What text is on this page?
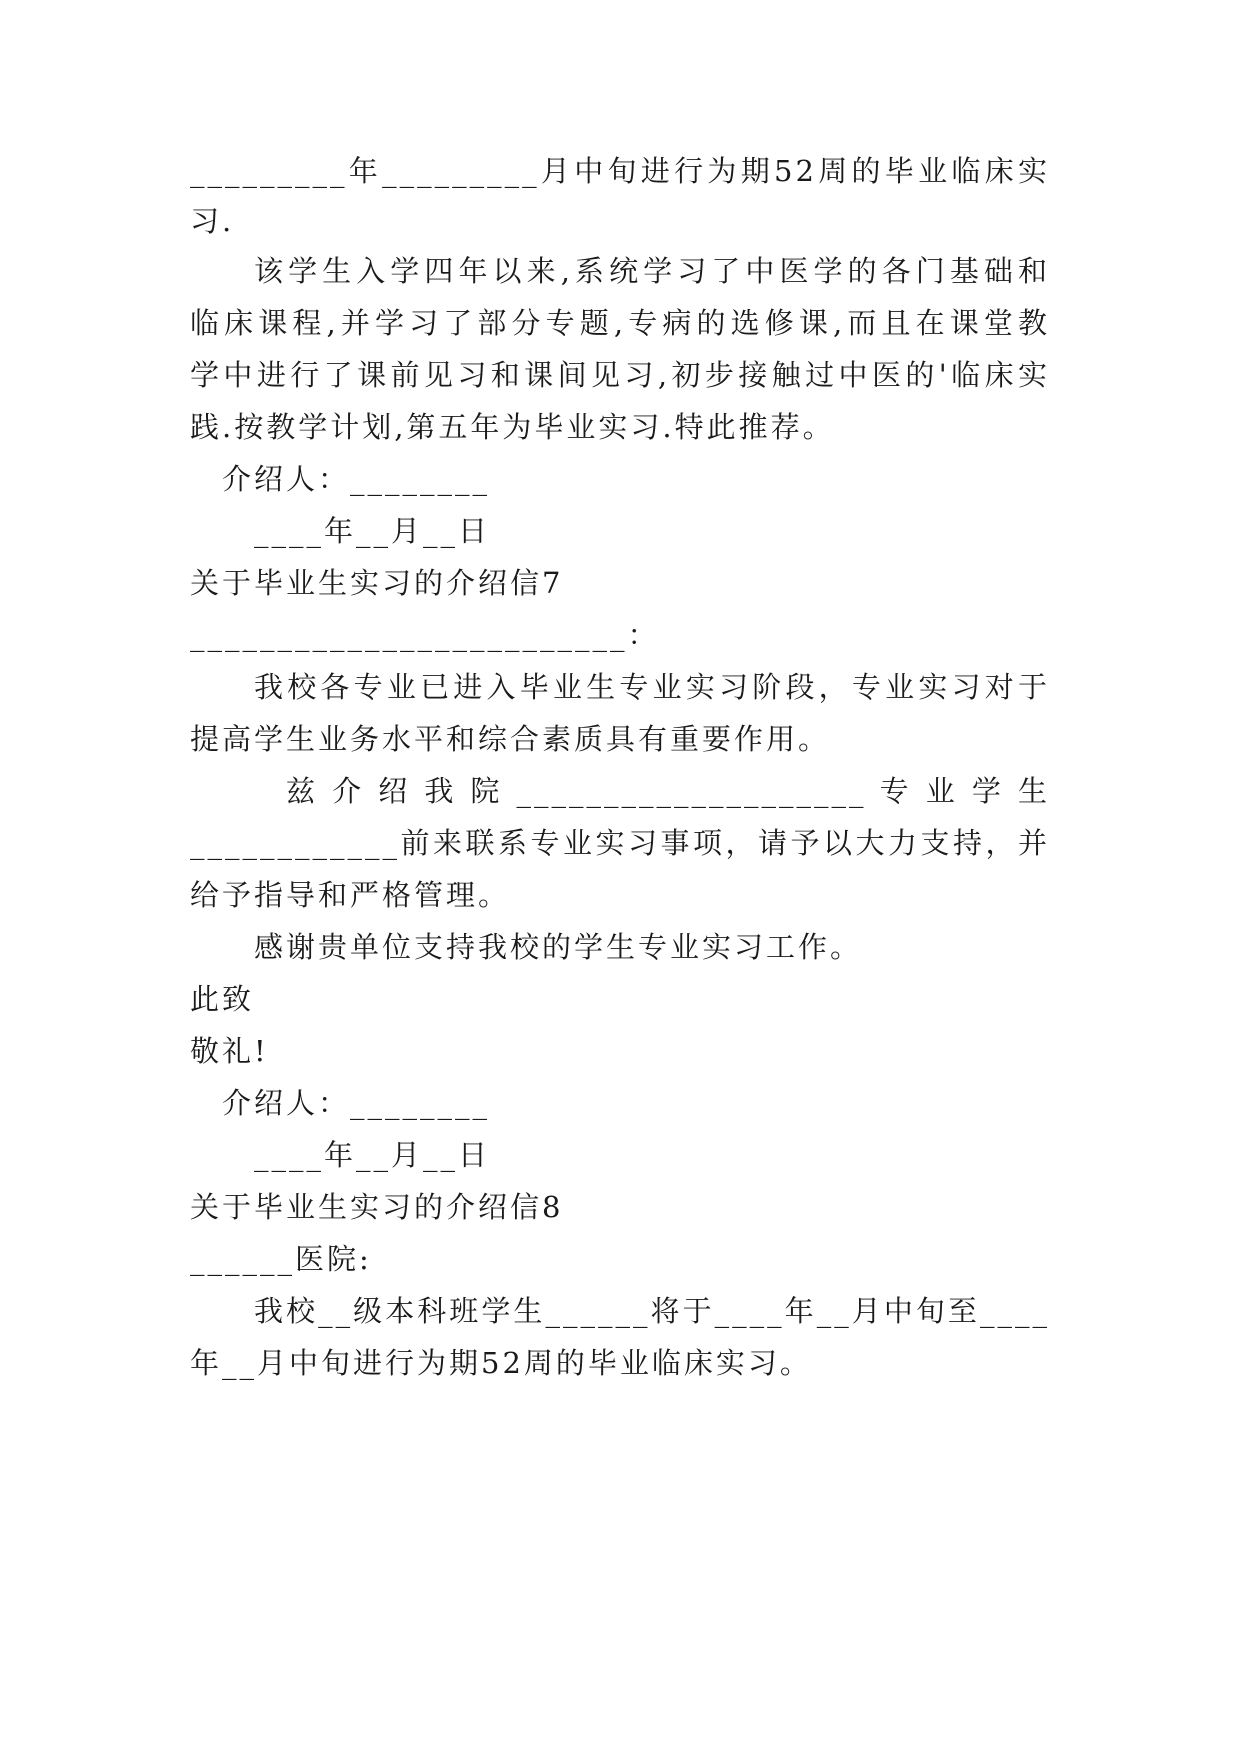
_________年_________月中旬进行为期52周的毕业临床实
习.
该学生入学四年以来,系统学习了中医学的各门基础和
临床课程,并学习了部分专题,专病的选修课,而且在课堂教
学中进行了课前见习和课间见习,初步接触过中医的'临床实
践.按教学计划,第五年为毕业实习.特此推荐。
介绍人：________
____年__月__日
关于毕业生实习的介绍信7
_________________________：
我校各专业已进入毕业生专业实习阶段，专业实习对于
提高学生业务水平和综合素质具有重要作用。
兹 介 绍 我 院 ____________________ 专 业 学 生
____________前来联系专业实习事项，请予以大力支持，并
给予指导和严格管理。
感谢贵单位支持我校的学生专业实习工作。
此致
敬礼!
介绍人：________
____年__月__日
关于毕业生实习的介绍信8
______医院:
我校__级本科班学生______将于____年__月中旬至____
年__月中旬进行为期52周的毕业临床实习。
